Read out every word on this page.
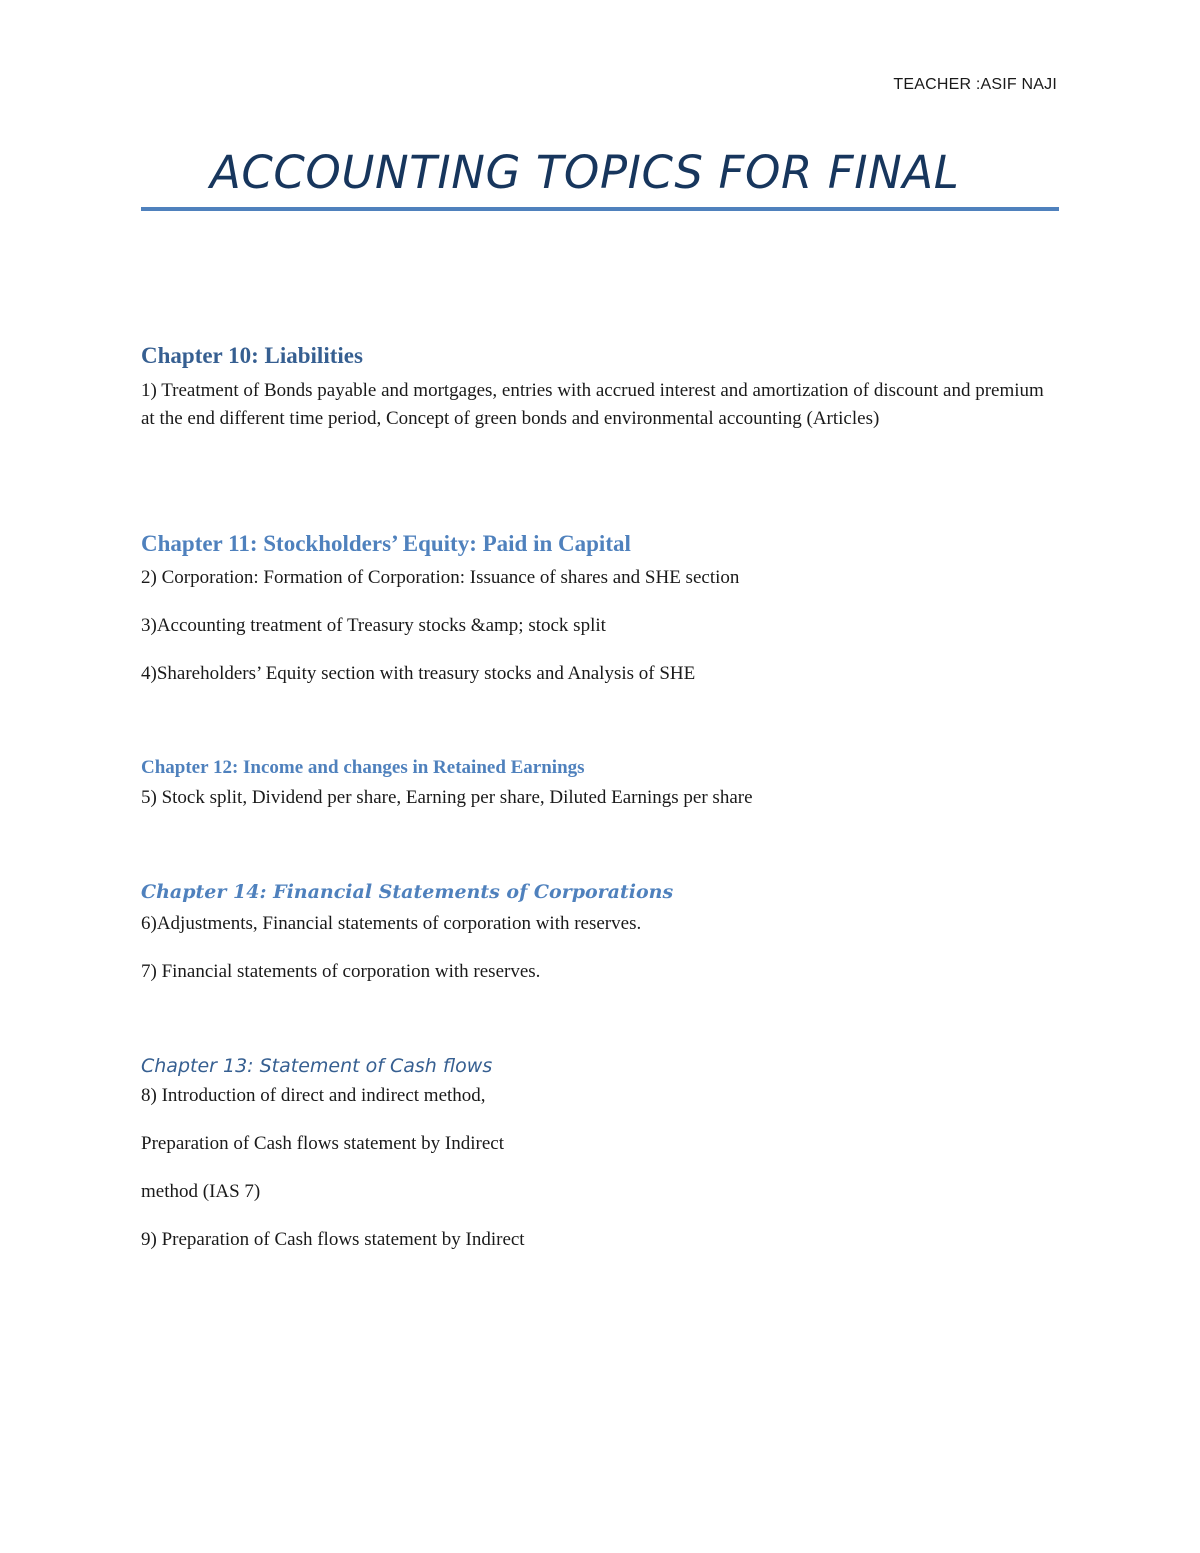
TEACHER :ASIF NAJI
ACCOUNTING TOPICS FOR FINAL
Chapter 10: Liabilities

1) Treatment of Bonds payable and mortgages, entries with accrued interest and amortization of discount and premium at the end different time period, Concept of green bonds and environmental accounting (Articles)

Chapter 11: Stockholders’ Equity: Paid in Capital

2) Corporation: Formation of Corporation: Issuance of shares and SHE section

3)Accounting treatment of Treasury stocks &amp; stock split

4)Shareholders’ Equity section with treasury stocks and Analysis of SHE

Chapter 12: Income and changes in Retained Earnings

5) Stock split, Dividend per share, Earning per share, Diluted Earnings per share

Chapter 14: Financial Statements of Corporations

6)Adjustments, Financial statements of corporation with reserves.

7) Financial statements of corporation with reserves.

Chapter 13: Statement of Cash flows

8) Introduction of direct and indirect method,

Preparation of Cash flows statement by Indirect

method (IAS 7)

9) Preparation of Cash flows statement by Indirect
